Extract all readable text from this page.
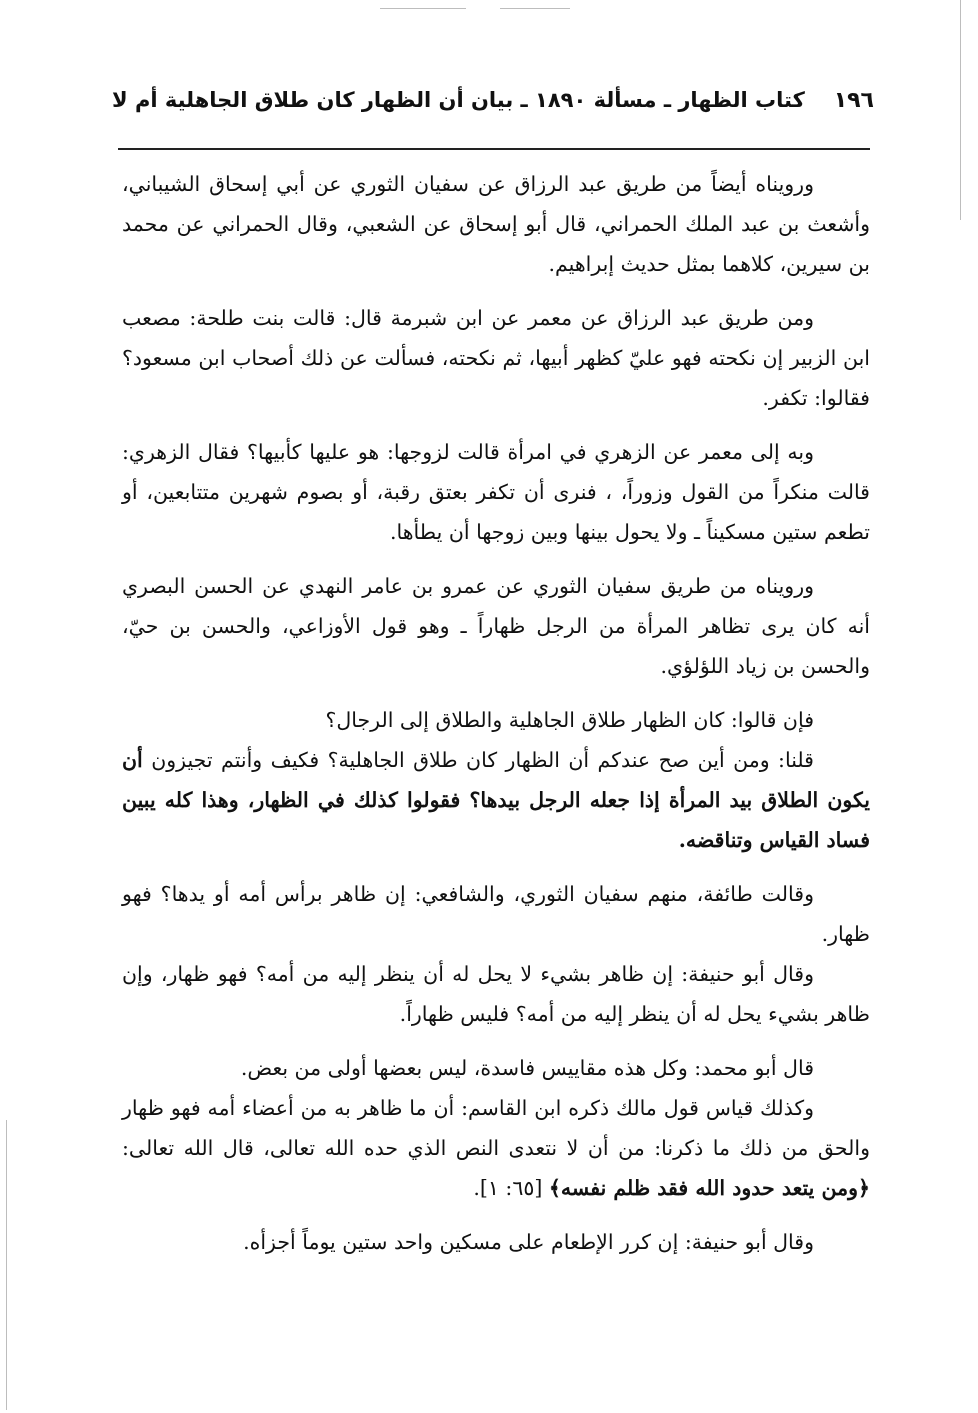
١٩٦
كتاب الظهار ـ مسألة ١٨٩٠ ـ بيان أن الظهار كان طلاق الجاهلية أم لا

ورويناه أيضاً من طريق عبد الرزاق عن سفيان الثوري عن أبي إسحاق الشيباني، وأشعث بن عبد الملك الحمراني، قال أبو إسحاق عن الشعبي، وقال الحمراني عن محمد بن سيرين، كلاهما بمثل حديث إبراهيم.

ومن طريق عبد الرزاق عن معمر عن ابن شبرمة قال: قالت بنت طلحة: مصعب ابن الزبير إن نكحته فهو عليّ كظهر أبيها، ثم نكحته، فسألت عن ذلك أصحاب ابن مسعود؟ فقالوا: تكفر.

وبه إلى معمر عن الزهري في امرأة قالت لزوجها: هو عليها كأبيها؟ فقال الزهري: قالت منكراً من القول وزوراً، ، فنرى أن تكفر بعتق رقبة، أو بصوم شهرين متتابعين، أو تطعم ستين مسكيناً ـ ولا يحول بينها وبين زوجها أن يطأها.

ورويناه من طريق سفيان الثوري عن عمرو بن عامر النهدي عن الحسن البصري أنه كان يرى تظاهر المرأة من الرجل ظهاراً ـ وهو قول الأوزاعي، والحسن بن حيّ، والحسن بن زياد اللؤلؤي.

فإن قالوا: كان الظهار طلاق الجاهلية والطلاق إلى الرجال؟

قلنا: ومن أين صح عندكم أن الظهار كان طلاق الجاهلية؟ فكيف وأنتم تجيزون أن يكون الطلاق بيد المرأة إذا جعله الرجل بيدها؟ فقولوا كذلك في الظهار، وهذا كله يبين فساد القياس وتناقضه.

وقالت طائفة، منهم سفيان الثوري، والشافعي: إن ظاهر برأس أمه أو يدها؟ فهو ظهار.

وقال أبو حنيفة: إن ظاهر بشيء لا يحل له أن ينظر إليه من أمه؟ فهو ظهار، وإن ظاهر بشيء يحل له أن ينظر إليه من أمه؟ فليس ظهاراً.

قال أبو محمد: وكل هذه مقاييس فاسدة، ليس بعضها أولى من بعض.

وكذلك قياس قول مالك ذكره ابن القاسم: أن ما ظاهر به من أعضاء أمه فهو ظهار والحق من ذلك ما ذكرنا: من أن لا نتعدى النص الذي حده الله تعالى، قال الله تعالى: ﴿ومن يتعد حدود الله فقد ظلم نفسه﴾ [٦٥: ١].

وقال أبو حنيفة: إن كرر الإطعام على مسكين واحد ستين يوماً أجزأه.
